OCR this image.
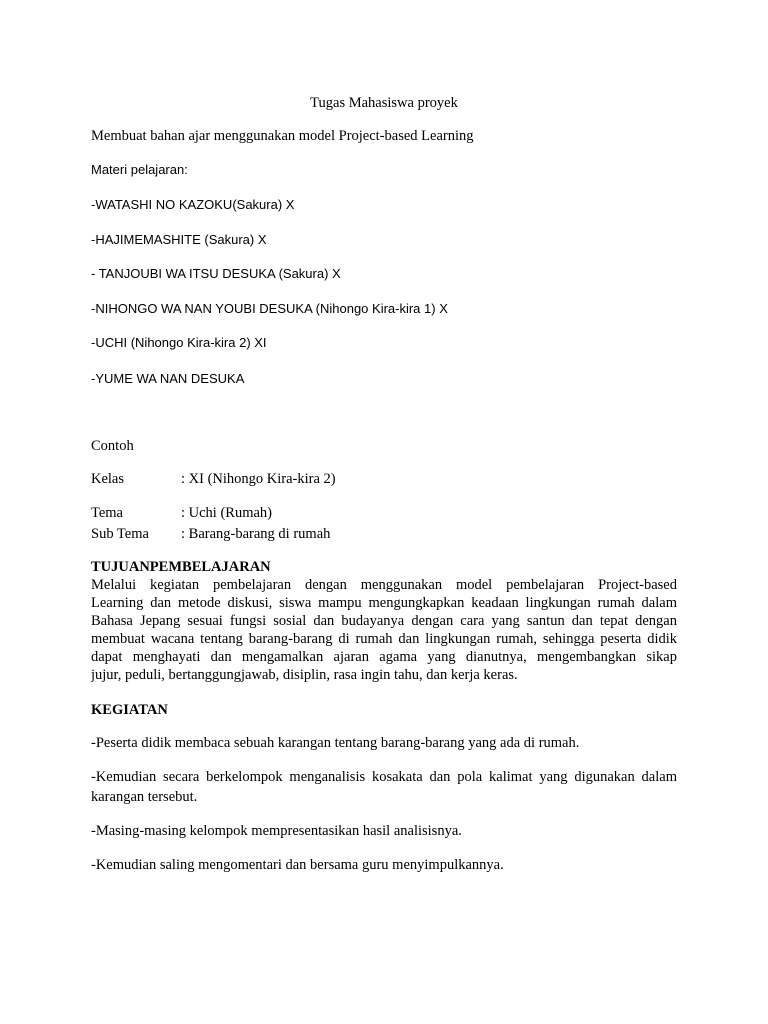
Tugas Mahasiswa proyek
Membuat bahan ajar menggunakan model Project-based Learning
Materi pelajaran:
-WATASHI NO KAZOKU(Sakura) X
-HAJIMEMASHITE (Sakura) X
- TANJOUBI WA ITSU DESUKA (Sakura) X
-NIHONGO WA NAN YOUBI DESUKA (Nihongo Kira-kira 1) X
-UCHI (Nihongo Kira-kira 2) XI
-YUME WA NAN DESUKA
Contoh
Kelas	: XI (Nihongo Kira-kira 2)
Tema	: Uchi (Rumah)
Sub Tema : Barang-barang di rumah
TUJUANPEMBELAJARAN
Melalui kegiatan pembelajaran dengan menggunakan model pembelajaran Project-based
Learning dan metode diskusi, siswa mampu mengungkapkan keadaan lingkungan rumah dalam
Bahasa Jepang sesuai fungsi sosial dan budayanya dengan cara yang santun dan tepat dengan
membuat wacana tentang barang-barang di rumah dan lingkungan rumah, sehingga peserta didik
dapat menghayati dan mengamalkan ajaran agama yang dianutnya, mengembangkan sikap
jujur, peduli, bertanggungjawab, disiplin, rasa ingin tahu, dan kerja keras.
KEGIATAN
-Peserta didik membaca sebuah karangan tentang barang-barang yang ada di rumah.
-Kemudian secara berkelompok menganalisis kosakata dan pola kalimat yang digunakan dalam
karangan tersebut.
-Masing-masing kelompok mempresentasikan hasil analisisnya.
-Kemudian saling mengomentari dan bersama guru menyimpulkannya.
